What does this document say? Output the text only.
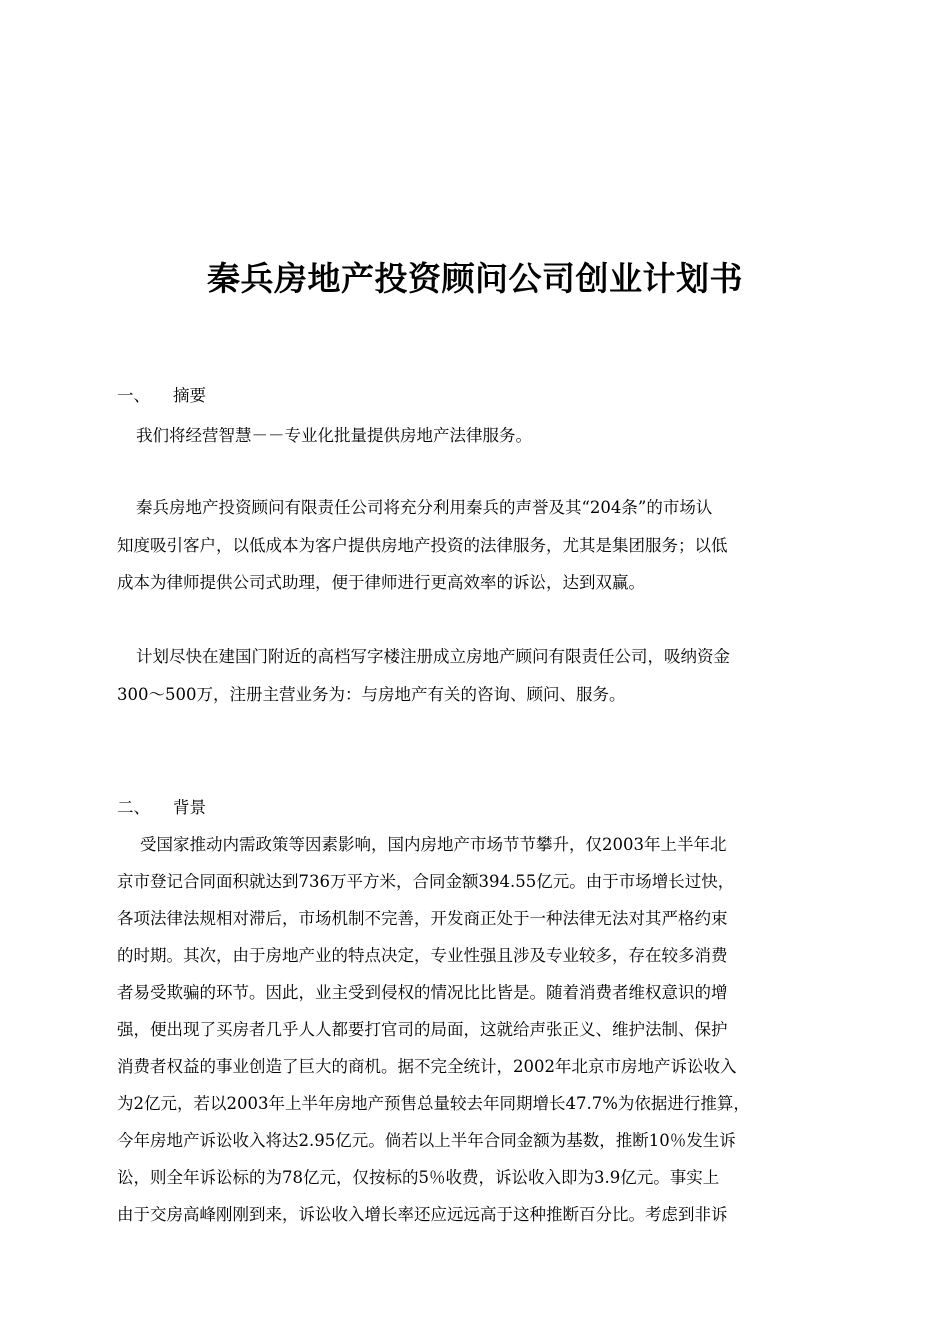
秦兵房地产投资顾问公司创业计划书
一、 摘要
我们将经营智慧－－专业化批量提供房地产法律服务。
秦兵房地产投资顾问有限责任公司将充分利用秦兵的声誉及其“204条”的市场认
知度吸引客户，以低成本为客户提供房地产投资的法律服务，尤其是集团服务；以低
成本为律师提供公司式助理，便于律师进行更高效率的诉讼，达到双赢。
计划尽快在建国门附近的高档写字楼注册成立房地产顾问有限责任公司，吸纳资金
300～500万，注册主营业务为：与房地产有关的咨询、顾问、服务。
二、 背景
受国家推动内需政策等因素影响，国内房地产市场节节攀升，仅2003年上半年北
京市登记合同面积就达到736万平方米，合同金额394.55亿元。由于市场增长过快，
各项法律法规相对滞后，市场机制不完善，开发商正处于一种法律无法对其严格约束
的时期。其次，由于房地产业的特点决定，专业性强且涉及专业较多，存在较多消费
者易受欺骗的环节。因此，业主受到侵权的情况比比皆是。随着消费者维权意识的增
强，便出现了买房者几乎人人都要打官司的局面，这就给声张正义、维护法制、保护
消费者权益的事业创造了巨大的商机。据不完全统计，2002年北京市房地产诉讼收入
为2亿元，若以2003年上半年房地产预售总量较去年同期增长47.7%为依据进行推算，
今年房地产诉讼收入将达2.95亿元。倘若以上半年合同金额为基数，推断10％发生诉
讼，则全年诉讼标的为78亿元，仅按标的5％收费，诉讼收入即为3.9亿元。事实上
由于交房高峰刚刚到来，诉讼收入增长率还应远远高于这种推断百分比。考虑到非诉
